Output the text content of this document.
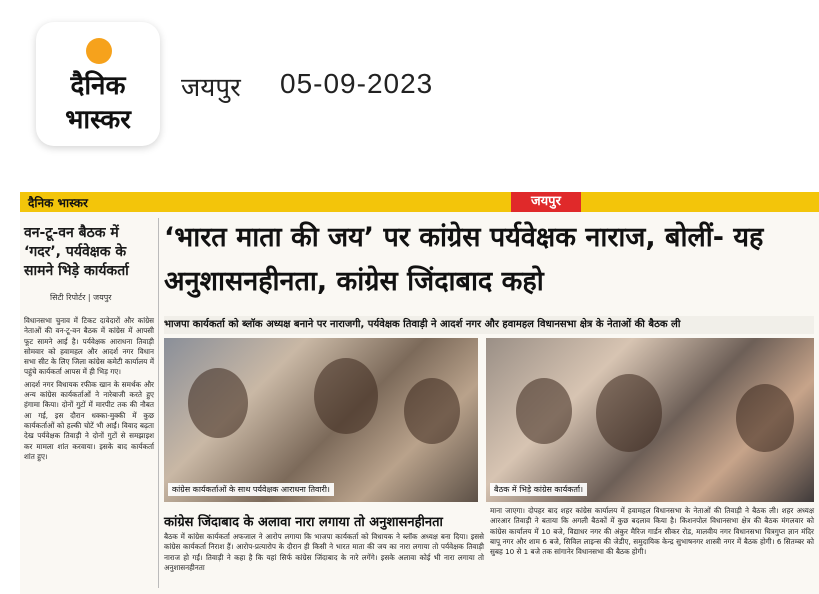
दैनिक
भास्कर
जयपुर 05-09-2023
दैनिक भास्कर	जयपुर
वन-टू-वन बैठक में ‘गदर’, पर्यवेक्षक के सामने भिड़े कार्यकर्ता
सिटी रिपोर्टर | जयपुर

विधानसभा चुनाव में टिकट दावेदारों और कांग्रेस नेताओं की वन-टू-वन बैठक में कांग्रेस में आपसी फूट सामने आई है। पर्यवेक्षक आराधना तिवाड़ी सोमवार को हवामहल और आदर्श नगर विधान सभा सीट के लिए जिला कांग्रेस कमेटी कार्यालय में पहुंचे कार्यकर्ता आपस में ही भिड़ गए।

आदर्श नगर विधायक रफीक खान के समर्थक और अन्य कांग्रेस कार्यकर्ताओं ने नारेबाजी करते हुए हंगामा किया। दोनों गुटों में मारपीट तक की नौबत आ गई, इस दौरान धक्का-मुक्की में कुछ कार्यकर्ताओं को हल्की चोटें भी आईं। विवाद बढ़ता देख पर्यवेक्षक तिवाड़ी ने दोनों गुटों से समझाइश कर मामला शांत करवाया। इसके बाद कार्यकर्ता शांत हुए।

‘भारत माता की जय’ पर कांग्रेस पर्यवेक्षक नाराज, बोलीं- यह अनुशासनहीनता, कांग्रेस जिंदाबाद कहो
भाजपा कार्यकर्ता को ब्लॉक अध्यक्ष बनाने पर नाराजगी, पर्यवेक्षक तिवाड़ी ने आदर्श नगर और हवामहल विधानसभा क्षेत्र के नेताओं की बैठक ली
कांग्रेस कार्यकर्ताओं के साथ पर्यवेक्षक आराधना तिवारी।	बैठक में भिड़े कांग्रेस कार्यकर्ता।
कांग्रेस जिंदाबाद के अलावा नारा लगाया तो अनुशासनहीनता
बैठक में कांग्रेस कार्यकर्ता अफजाल ने आरोप लगाया कि भाजपा कार्यकर्ता को विधायक ने ब्लॉक अध्यक्ष बना दिया। इससे कांग्रेस कार्यकर्ता निराश हैं। आरोप-प्रत्यारोप के दौरान ही किसी ने भारत माता की जय का नारा लगाया तो पर्यवेक्षक तिवाड़ी नाराज हो गईं। तिवाड़ी ने कहा है कि यहां सिर्फ कांग्रेस जिंदाबाद के नारे लगेंगे। इसके अलावा कोई भी नारा लगाया तो अनुशासनहीनता
माना जाएगा। दोपहर बाद शहर कांग्रेस कार्यालय में हवामहल विधानसभा के नेताओं की तिवाड़ी ने बैठक ली। शहर अध्यक्ष आरआर तिवाड़ी ने बताया कि अगली बैठकों में कुछ बदलाव किया है। किशनपोल विधानसभा क्षेत्र की बैठक मंगलवार को कांग्रेस कार्यालय में 10 बजे, विद्याधर नगर की अंकुर मैरिज गार्डन सीकर रोड, मालवीय नगर विधानसभा चित्रगुप्त ज्ञान मंदिर बापू नगर और शाम 6 बजे, सिविल लाइन्स की जेडीए, समुदायिक केन्द्र सुभाषनगर शास्त्री नगर में बैठक होगी। 6 सितम्बर को सुबह 10 से 1 बजे तक सांगानेर विधानसभा की बैठक होगी।
